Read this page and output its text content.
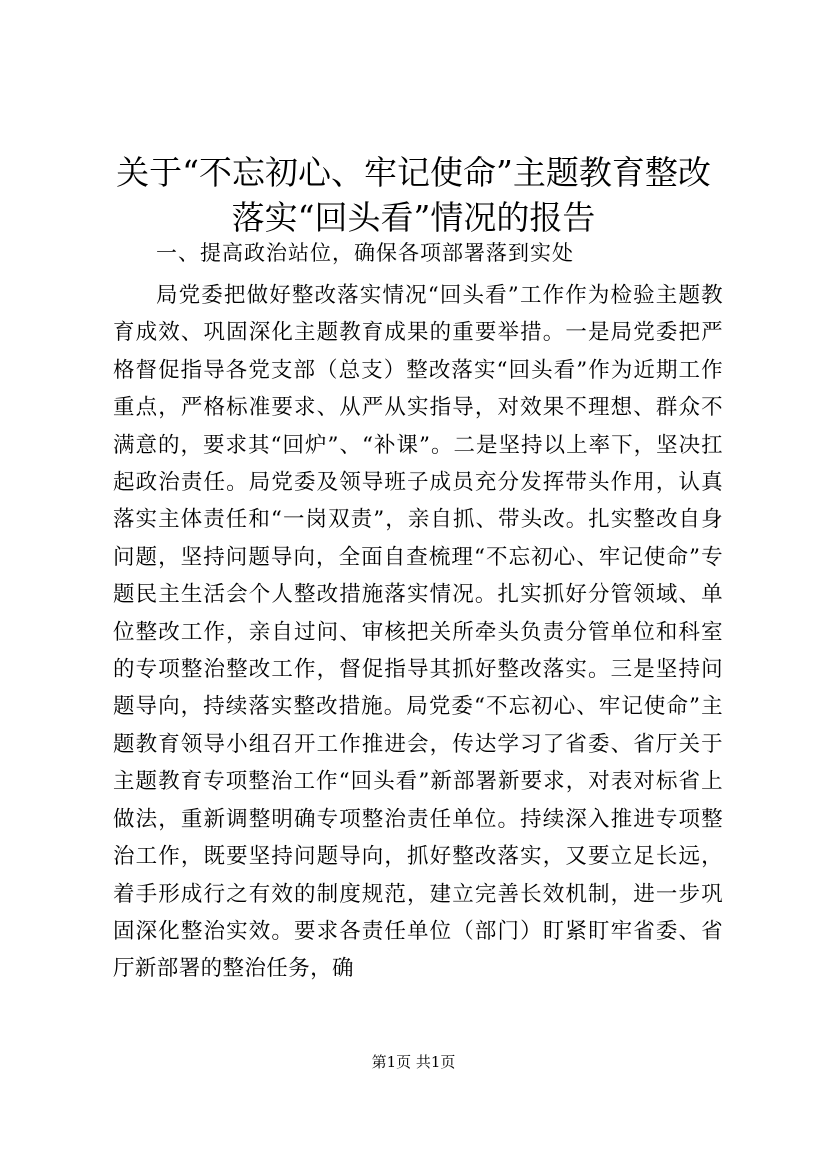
关于“不忘初心、牢记使命”主题教育整改落实“回头看”情况的报告

一、提高政治站位，确保各项部署落到实处

局党委把做好整改落实情况“回头看”工作作为检验主题教育成效、巩固深化主题教育成果的重要举措。一是局党委把严格督促指导各党支部（总支）整改落实“回头看”作为近期工作重点，严格标准要求、从严从实指导，对效果不理想、群众不满意的，要求其“回炉”、“补课”。二是坚持以上率下，坚决扛起政治责任。局党委及领导班子成员充分发挥带头作用，认真落实主体责任和“一岗双责”，亲自抓、带头改。扎实整改自身问题，坚持问题导向，全面自查梳理“不忘初心、牢记使命”专题民主生活会个人整改措施落实情况。扎实抓好分管领域、单位整改工作，亲自过问、审核把关所牵头负责分管单位和科室的专项整治整改工作，督促指导其抓好整改落实。三是坚持问题导向，持续落实整改措施。局党委“不忘初心、牢记使命”主题教育领导小组召开工作推进会，传达学习了省委、省厅关于主题教育专项整治工作“回头看”新部署新要求，对表对标省上做法，重新调整明确专项整治责任单位。持续深入推进专项整治工作，既要坚持问题导向，抓好整改落实，又要立足长远，着手形成行之有效的制度规范，建立完善长效机制，进一步巩固深化整治实效。要求各责任单位（部门）盯紧盯牢省委、省厅新部署的整治任务，确

第1页 共1页
